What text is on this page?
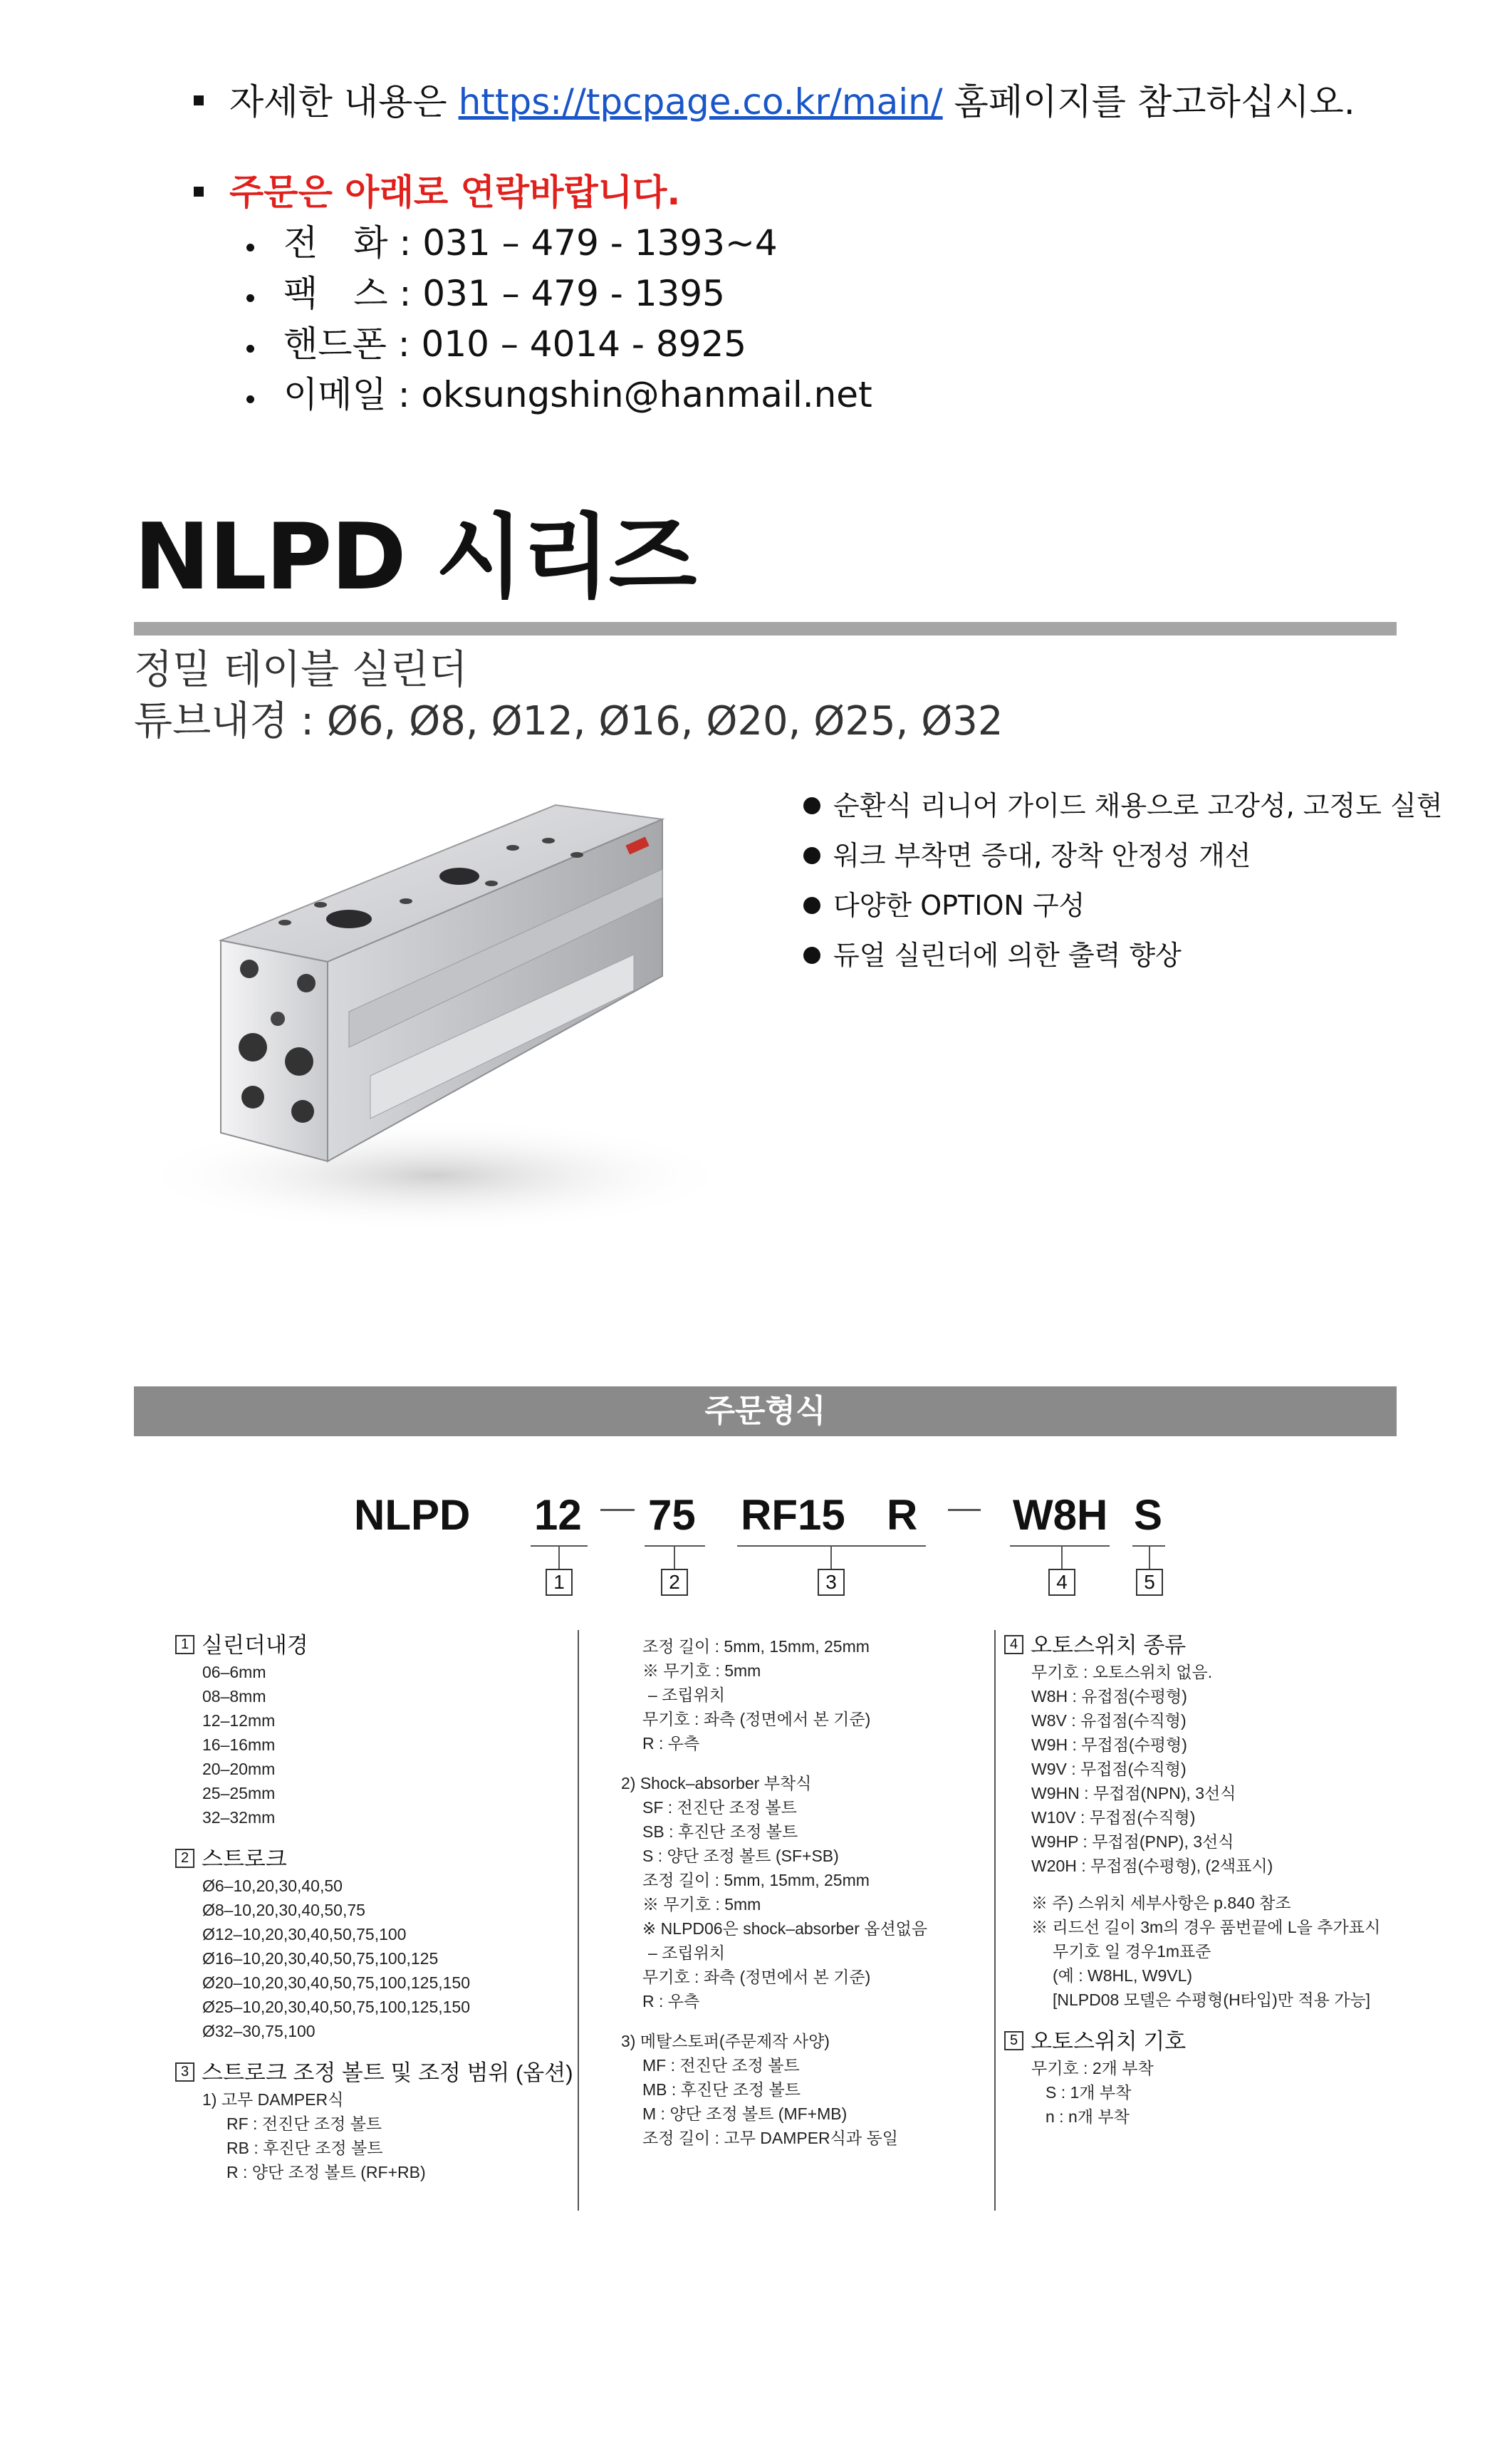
자세한 내용은 https://tpcpage.co.kr/main/ 홈페이지를 참고하십시오.
주문은 아래로 연락바랍니다.
전　화 : 031 – 479 - 1393~4
팩　스 : 031 – 479 - 1395
핸드폰 : 010 – 4014 - 8925
이메일 : oksungshin@hanmail.net
NLPD 시리즈
정밀 테이블 실린더
튜브내경 : Ø6, Ø8, Ø12, Ø16, Ø20, Ø25, Ø32
순환식 리니어 가이드 채용으로 고강성, 고정도 실현
워크 부착면 증대, 장착 안정성 개선
다양한 OPTION 구성
듀얼 실린더에 의한 출력 향상
주문형식
NLPD 12 75 RF15 R W8H S
1	2	3	4	5
1 실린더내경
06–6mm
08–8mm
12–12mm
16–16mm
20–20mm
25–25mm
32–32mm
2 스트로크
Ø6–10,20,30,40,50
Ø8–10,20,30,40,50,75
Ø12–10,20,30,40,50,75,100
Ø16–10,20,30,40,50,75,100,125
Ø20–10,20,30,40,50,75,100,125,150
Ø25–10,20,30,40,50,75,100,125,150
Ø32–30,75,100
3 스트로크 조정 볼트 및 조정 범위 (옵션)
1) 고무 DAMPER식
RF : 전진단 조정 볼트
RB : 후진단 조정 볼트
R : 양단 조정 볼트 (RF+RB)
조정 길이 : 5mm, 15mm, 25mm
※ 무기호 : 5mm
– 조립위치
무기호 : 좌측 (정면에서 본 기준)
R : 우측
2) Shock–absorber 부착식
SF : 전진단 조정 볼트
SB : 후진단 조정 볼트
S : 양단 조정 볼트 (SF+SB)
조정 길이 : 5mm, 15mm, 25mm
※ 무기호 : 5mm
※ NLPD06은 shock–absorber 옵션없음
– 조립위치
무기호 : 좌측 (정면에서 본 기준)
R : 우측
3) 메탈스토퍼(주문제작 사양)
MF : 전진단 조정 볼트
MB : 후진단 조정 볼트
M : 양단 조정 볼트 (MF+MB)
조정 길이 : 고무 DAMPER식과 동일
4 오토스위치 종류
무기호 : 오토스위치 없음.
W8H : 유접점(수평형)
W8V : 유접점(수직형)
W9H : 무접점(수평형)
W9V : 무접점(수직형)
W9HN : 무접점(NPN), 3선식
W10V : 무접점(수직형)
W9HP : 무접점(PNP), 3선식
W20H : 무접점(수평형), (2색표시)
※ 주) 스위치 세부사항은 p.840 참조
※ 리드선 길이 3m의 경우 품번끝에 L을 추가표시
무기호 일 경우1m표준
(예 : W8HL, W9VL)
[NLPD08 모델은 수평형(H타입)만 적용 가능]
5 오토스위치 기호
무기호 : 2개 부착
S : 1개 부착
n : n개 부착
